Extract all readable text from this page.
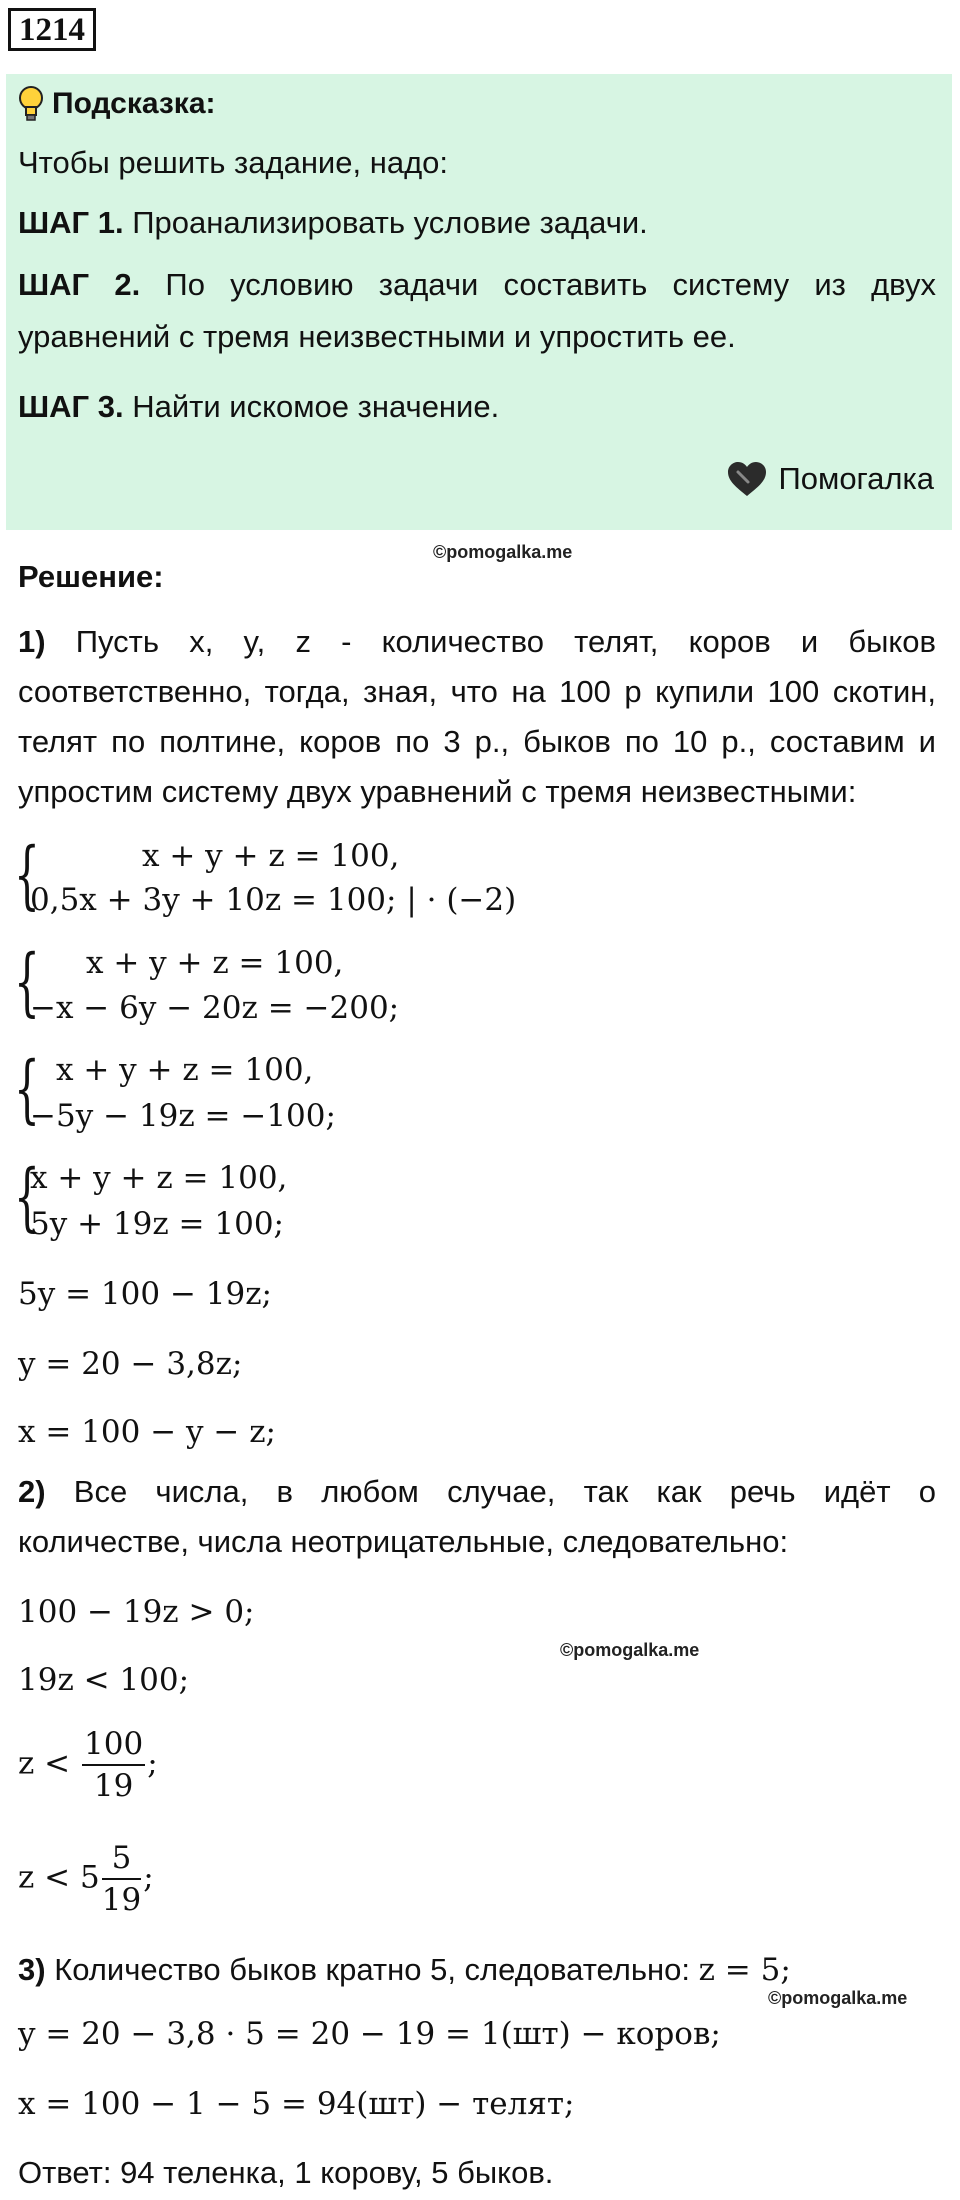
1214
Подсказка:
Чтобы решить задание, надо:
ШАГ 1. Проанализировать условие задачи.
ШАГ 2. По условию задачи составить систему из двух
уравнений с тремя неизвестными и упростить ее.
ШАГ 3. Найти искомое значение.
Помогалка
©pomogalka.me
Решение:
1) Пусть x, y, z - количество телят, коров и быков
соответственно, тогда, зная, что на 100 р купили 100 скотин,
телят по полтине, коров по 3 р., быков по 10 р., составим и
упростим систему двух уравнений с тремя неизвестными:
{	x + y + z = 100,
0,5x + 3y + 10z = 100; | · (−2)
{ x + y + z = 100,
−x − 6y − 20z = −200;
{ x + y + z = 100,
−5y − 19z = −100;
{
x + y + z = 100,
5y + 19z = 100;
5y = 100 − 19z;
y = 20 − 3,8z;
x = 100 − y − z;
2) Все числа, в любом случае, так как речь идёт о
количестве, числа неотрицательные, следовательно:
100 − 19z > 0;
©pomogalka.me
19z < 100;
$z < \frac{100}{19}$ ;
$z < 5 \frac{5}{19}$ ;
3) Количество быков кратно 5, следовательно: z = 5;
©pomogalka.me
y = 20 − 3,8 · 5 = 20 − 19 = 1(шт) − коров;
x = 100 − 1 − 5 = 94(шт) − телят;
Ответ: 94 теленка, 1 корову, 5 быков.
